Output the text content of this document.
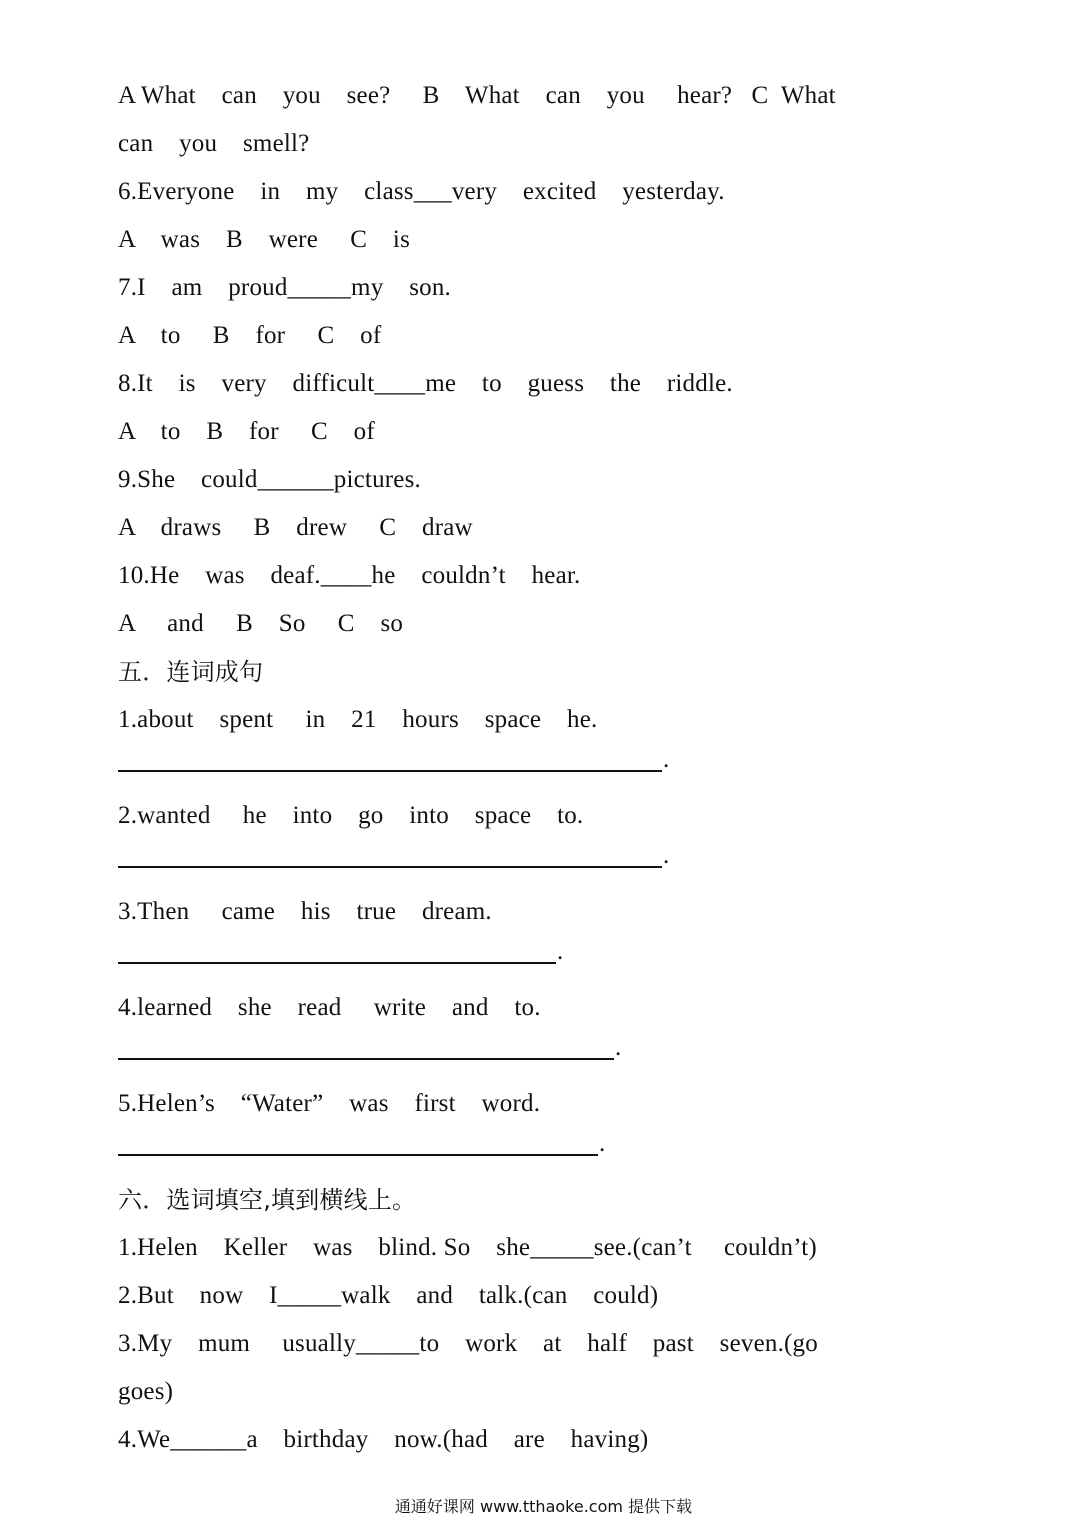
A What    can    you    see?     B    What    can    you     hear?   C  What
can    you    smell?
6.Everyone    in    my    class___very    excited    yesterday.
A    was    B    were     C    is
7.I    am    proud_____my    son.
A    to     B    for     C    of
8.It    is    very    difficult____me    to    guess    the    riddle.
A    to    B    for     C    of
9.She    could______pictures.
A    draws     B    drew     C    draw
10.He    was    deaf.____he    couldn’t    hear.
A     and     B    So     C    so
五．连词成句
1.about    spent     in    21    hours    space    he.
.
2.wanted     he    into    go    into    space    to.
.
3.Then     came    his    true    dream.
.
4.learned    she    read     write    and    to.
.
5.Helen’s    “Water”    was    first    word.
.
六．选词填空,填到横线上。
1.Helen    Keller    was    blind. So    she_____see.(can’t     couldn’t)
2.But    now    I_____walk    and    talk.(can    could)
3.My    mum     usually_____to    work    at    half    past    seven.(go
goes)
4.We______a    birthday    now.(had    are    having)
通通好课网 www.tthaoke.com 提供下载
